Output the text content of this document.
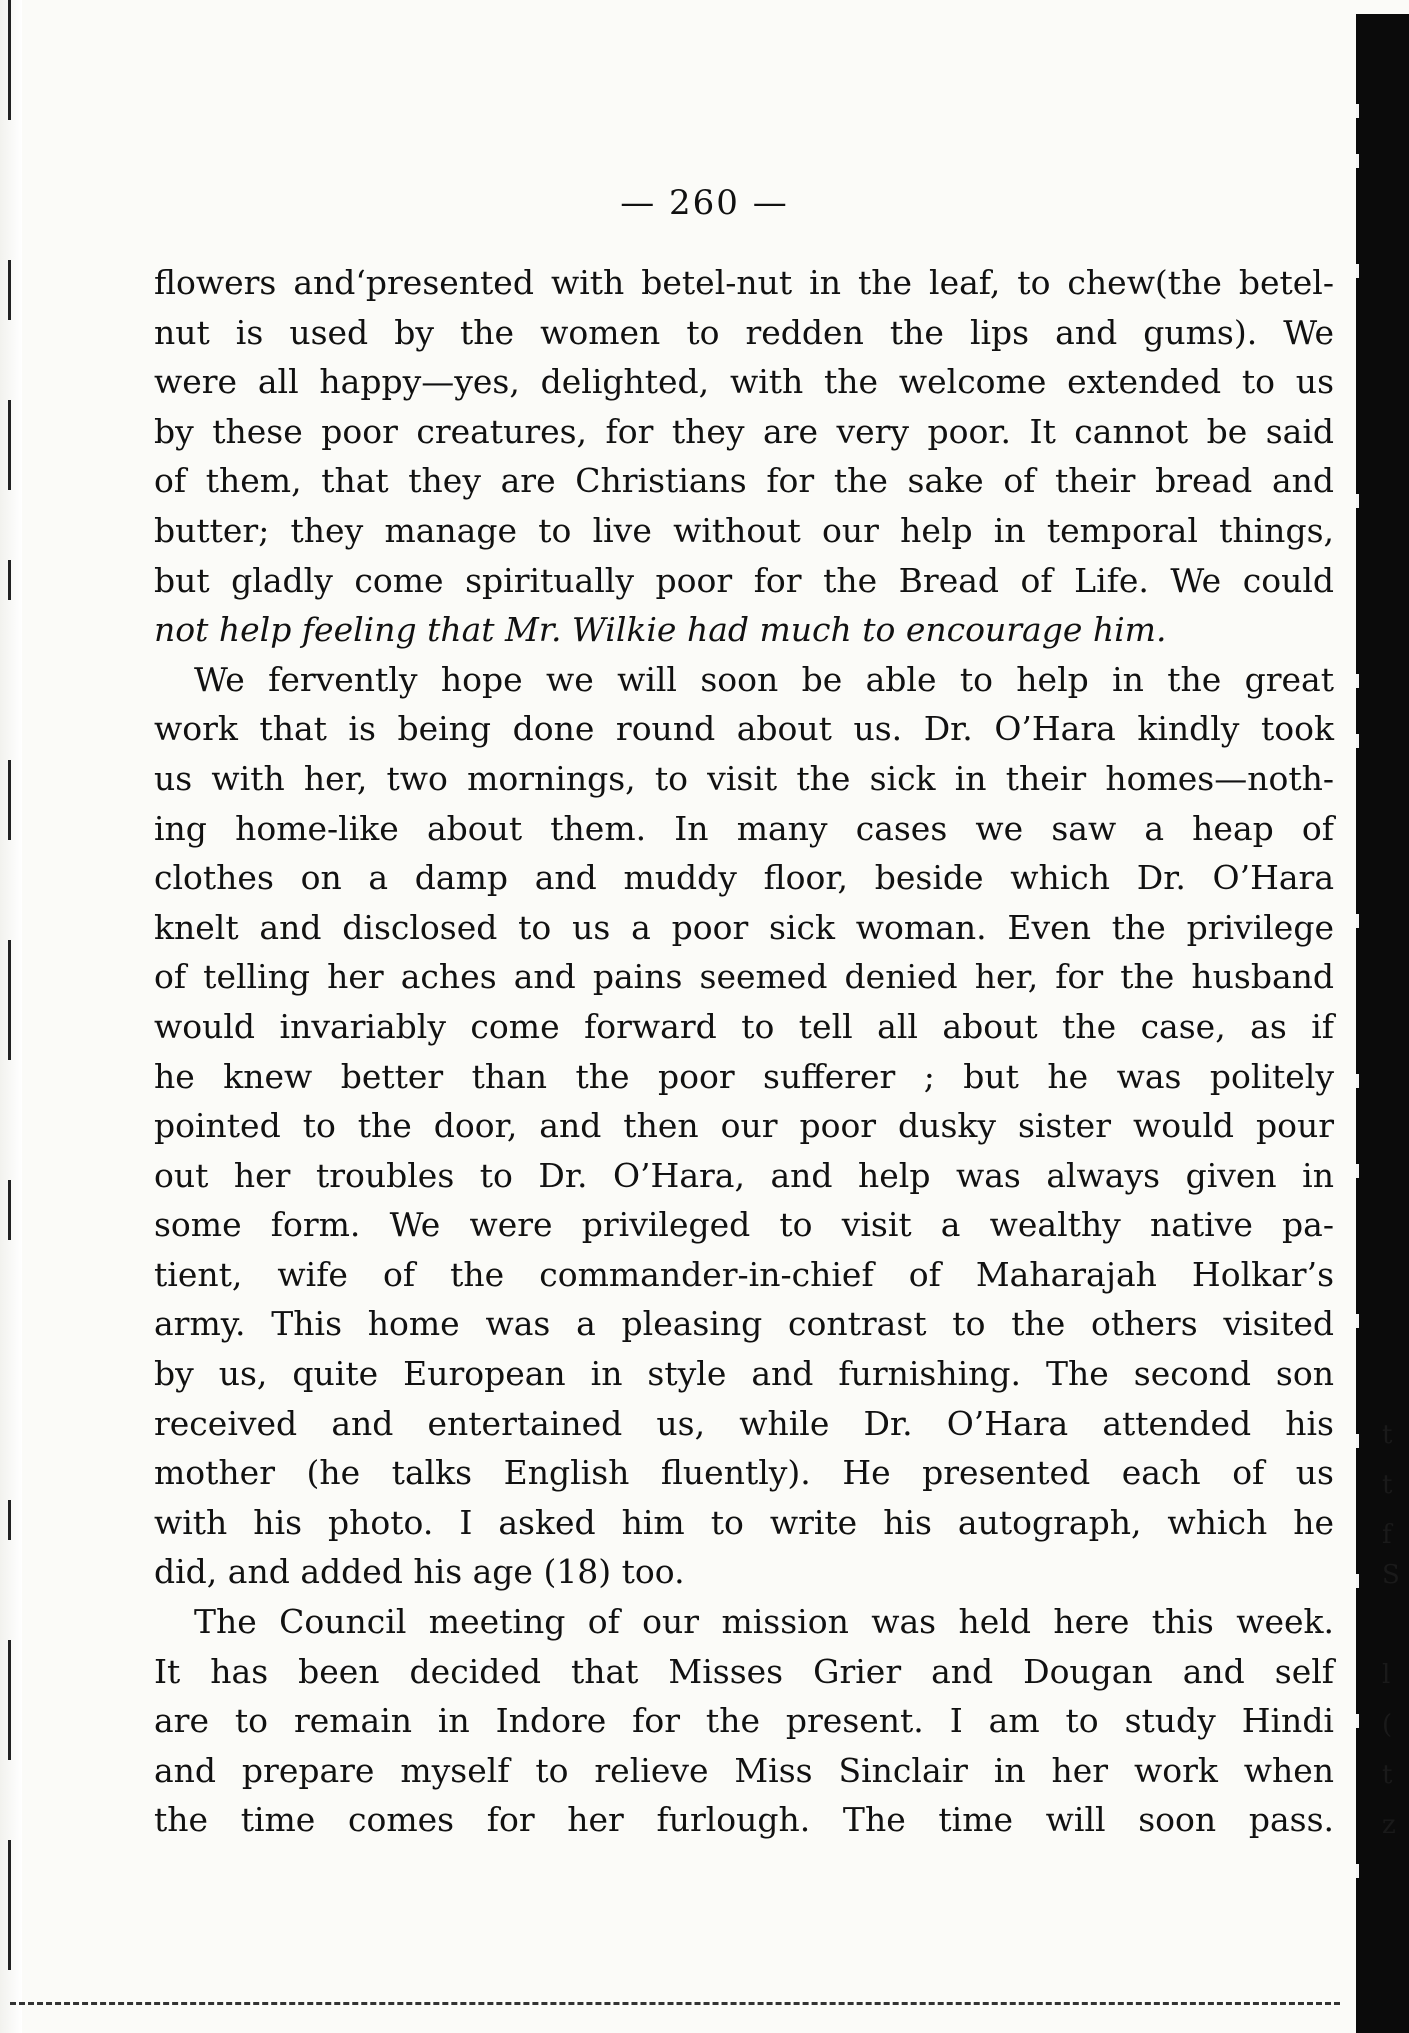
t
t
f
S
l
(
t
z
— 260 —
flowers and‘presented with betel-nut in the leaf, to chew(the betel-
nut is used by the women to redden the lips and gums). We
were all happy—yes, delighted, with the welcome extended to us
by these poor creatures, for they are very poor. It cannot be said
of them, that they are Christians for the sake of their bread and
butter; they manage to live without our help in temporal things,
but gladly come spiritually poor for the Bread of Life. We could
not help feeling that Mr. Wilkie had much to encourage him.
We fervently hope we will soon be able to help in the great
work that is being done round about us. Dr. O’Hara kindly took
us with her, two mornings, to visit the sick in their homes—noth-
ing home-like about them. In many cases we saw a heap of
clothes on a damp and muddy floor, beside which Dr. O’Hara
knelt and disclosed to us a poor sick woman. Even the privilege
of telling her aches and pains seemed denied her, for the husband
would invariably come forward to tell all about the case, as if
he knew better than the poor sufferer ; but he was politely
pointed to the door, and then our poor dusky sister would pour
out her troubles to Dr. O’Hara, and help was always given in
some form. We were privileged to visit a wealthy native pa-
tient, wife of the commander-in-chief of Maharajah Holkar’s
army. This home was a pleasing contrast to the others visited
by us, quite European in style and furnishing. The second son
received and entertained us, while Dr. O’Hara attended his
mother (he talks English fluently). He presented each of us
with his photo. I asked him to write his autograph, which he
did, and added his age (18) too.
The Council meeting of our mission was held here this week.
It has been decided that Misses Grier and Dougan and self
are to remain in Indore for the present. I am to study Hindi
and prepare myself to relieve Miss Sinclair in her work when
the time comes for her furlough. The time will soon pass.
